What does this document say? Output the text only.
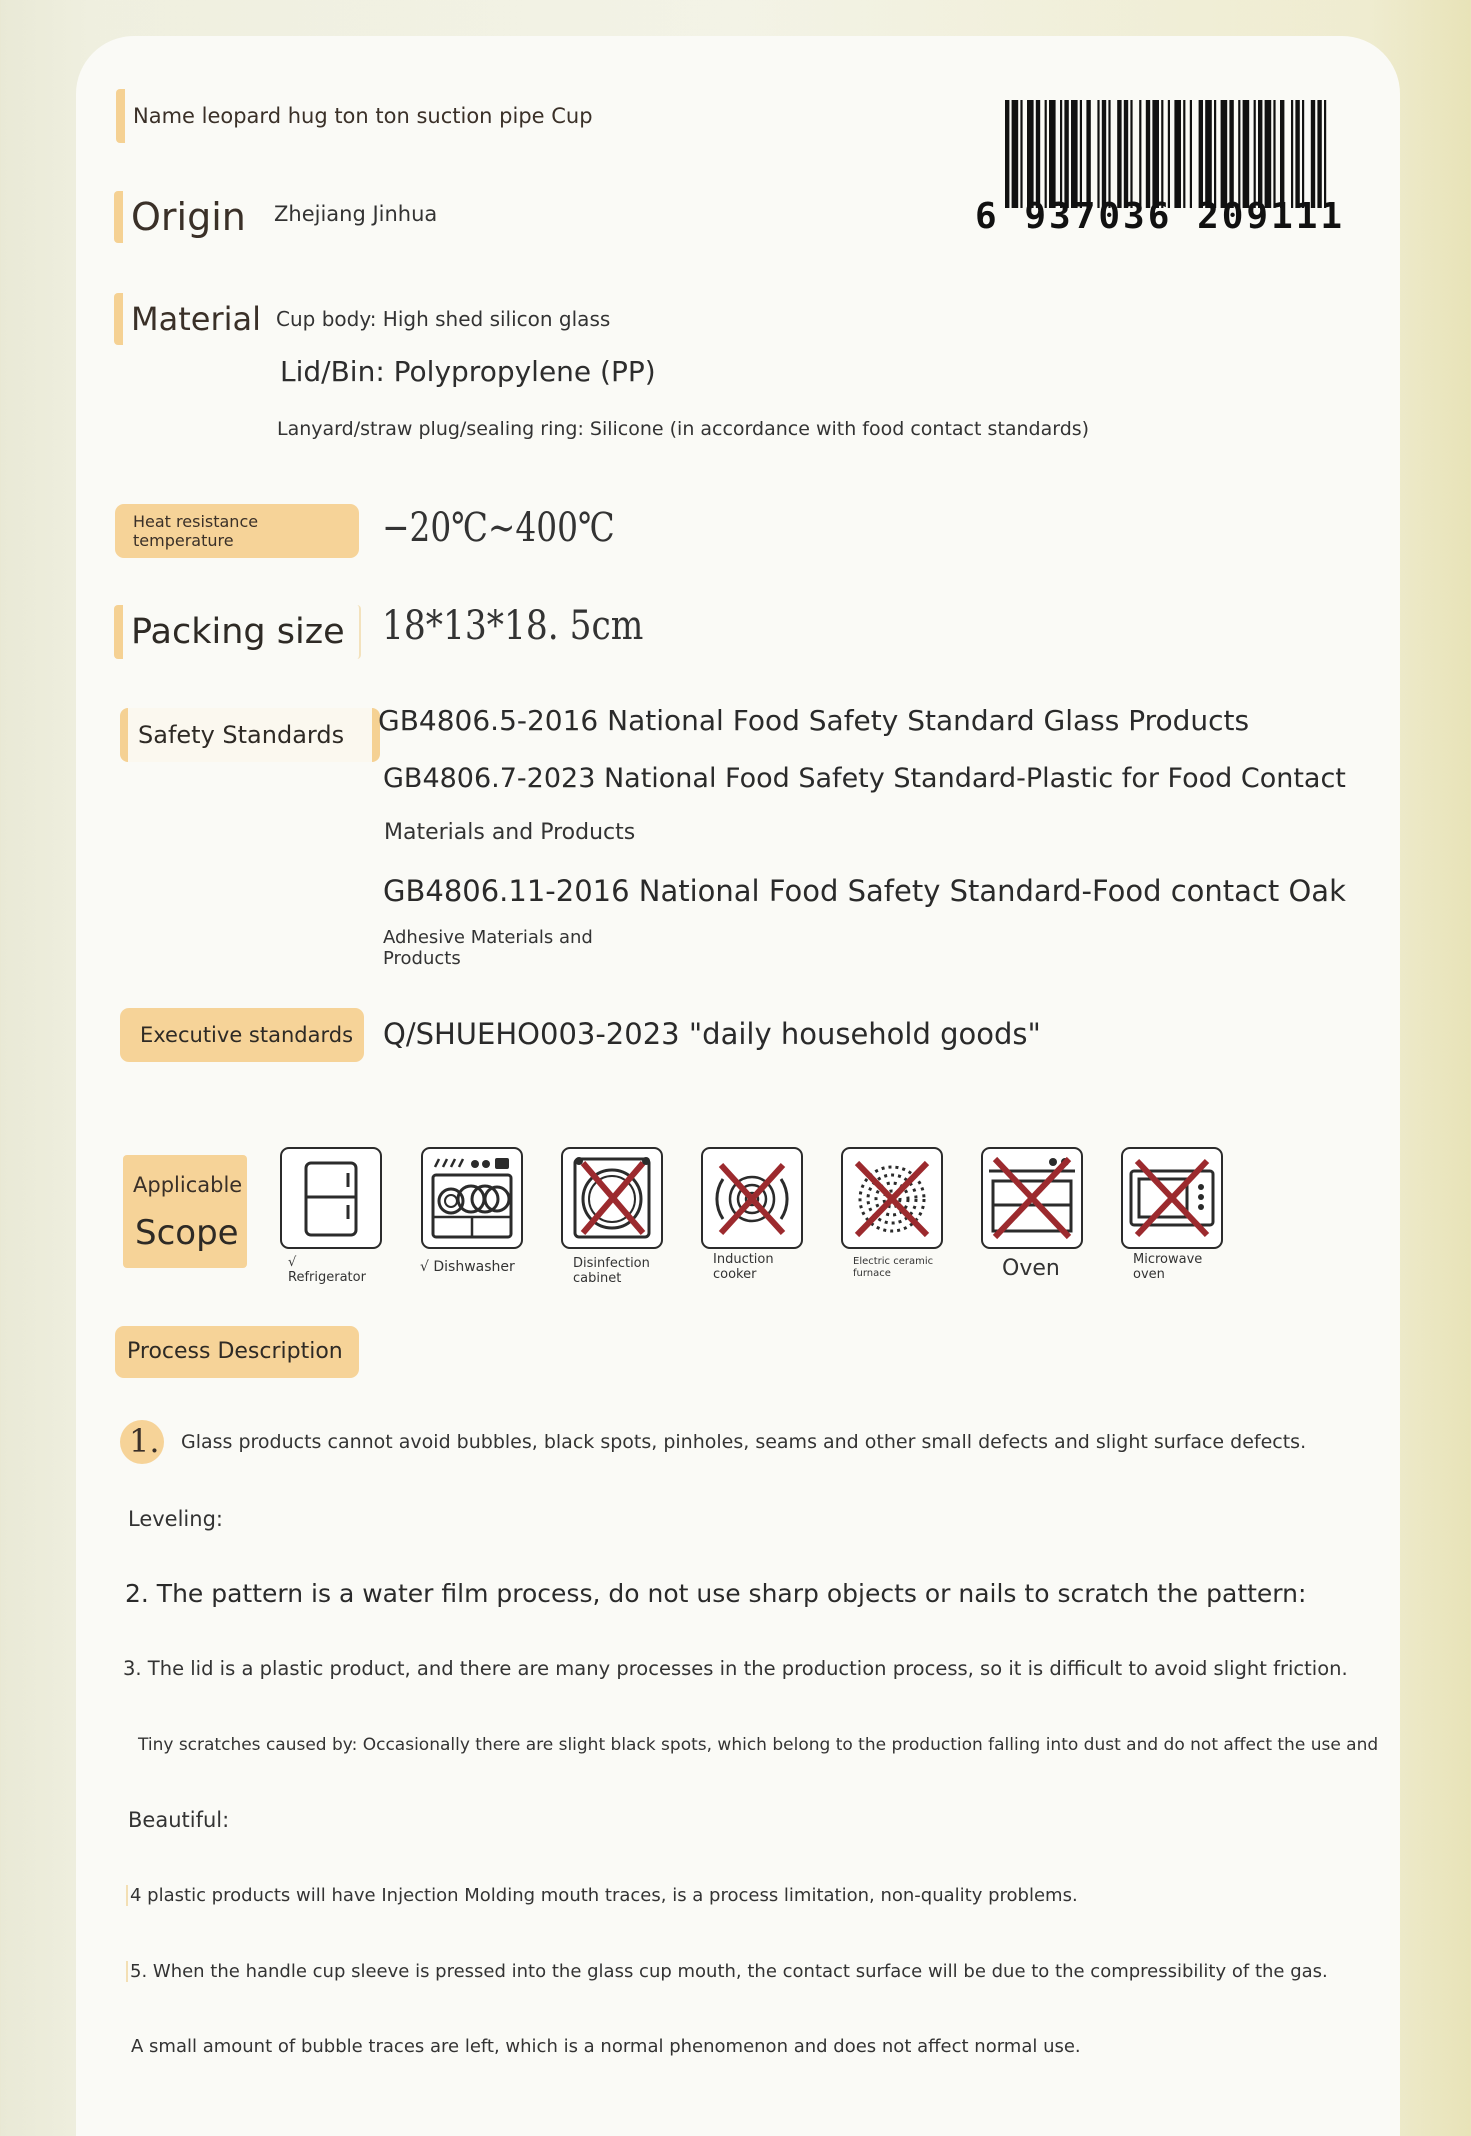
Name leopard hug ton ton suction pipe Cup
6 937036 209111
Origin Zhejiang Jinhua
Material Cup body: High shed silicon glass
Lid/Bin: Polypropylene (PP)
Lanyard/straw plug/sealing ring: Silicone (in accordance with food contact standards)
Heat resistance
temperature	−20℃~400℃
Packing size 18*13*18. 5cm
Safety Standards GB4806.5-2016 National Food Safety Standard Glass Products
GB4806.7-2023 National Food Safety Standard-Plastic for Food Contact
Materials and Products
GB4806.11-2016 National Food Safety Standard-Food contact Oak
Adhesive Materials and
Products
Executive standards Q/SHUEHO003-2023 "daily household goods"
Applicable
Scope
√
Refrigerator
√ Dishwasher	Disinfection
cabinet
Induction
cooker
Electric ceramic
furnace	Oven	Microwave
oven
Process Description
1. Glass products cannot avoid bubbles, black spots, pinholes, seams and other small defects and slight surface defects.
Leveling:
2. The pattern is a water film process, do not use sharp objects or nails to scratch the pattern:
3. The lid is a plastic product, and there are many processes in the production process, so it is difficult to avoid slight friction.
Tiny scratches caused by: Occasionally there are slight black spots, which belong to the production falling into dust and do not affect the use and
Beautiful:
4 plastic products will have Injection Molding mouth traces, is a process limitation, non-quality problems.
5. When the handle cup sleeve is pressed into the glass cup mouth, the contact surface will be due to the compressibility of the gas.
A small amount of bubble traces are left, which is a normal phenomenon and does not affect normal use.
